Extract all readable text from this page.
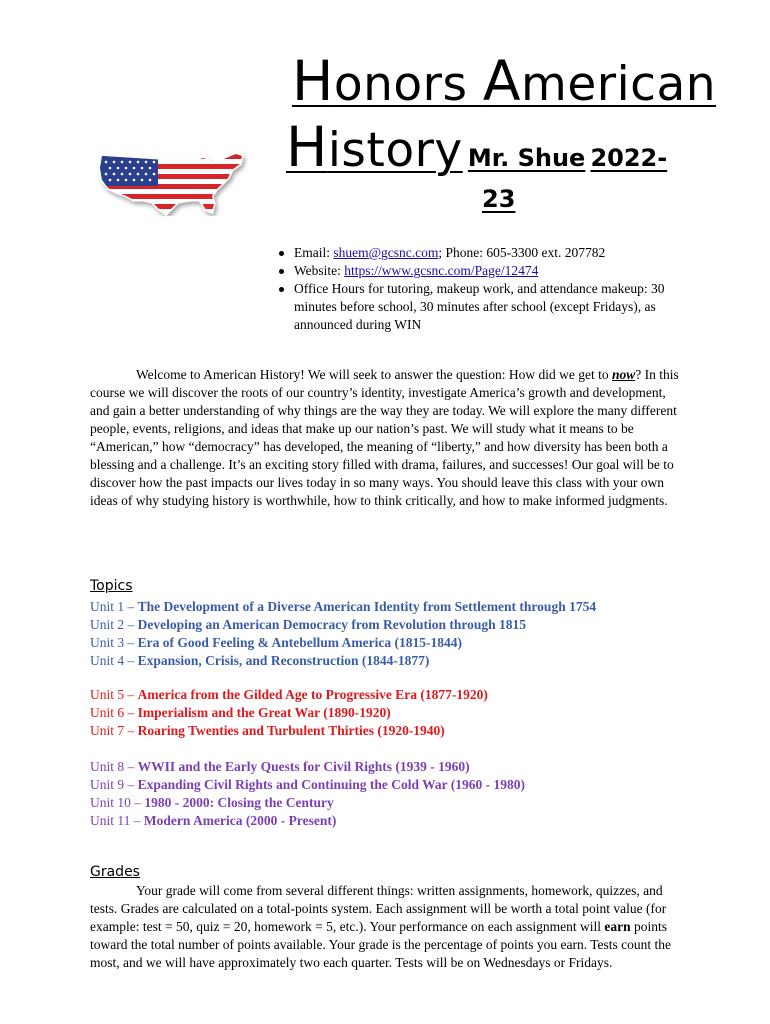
Honors American
History Mr. Shue 2022-
23
Email: shuem@gcsnc.com; Phone: 605-3300 ext. 207782
Website: https://www.gcsnc.com/Page/12474
Office Hours for tutoring, makeup work, and attendance makeup: 30 minutes before school, 30 minutes after school (except Fridays), as announced during WIN

Welcome to American History! We will seek to answer the question: How did we get to now? In this course we will discover the roots of our country’s identity, investigate America’s growth and development, and gain a better understanding of why things are the way they are today. We will explore the many different people, events, religions, and ideas that make up our nation’s past. We will study what it means to be “American,” how “democracy” has developed, the meaning of “liberty,” and how diversity has been both a blessing and a challenge. It’s an exciting story filled with drama, failures, and successes! Our goal will be to discover how the past impacts our lives today in so many ways. You should leave this class with your own ideas of why studying history is worthwhile, how to think critically, and how to make informed judgments.

Topics
Unit 1 – The Development of a Diverse American Identity from Settlement through 1754
Unit 2 – Developing an American Democracy from Revolution through 1815
Unit 3 – Era of Good Feeling & Antebellum America (1815-1844)
Unit 4 – Expansion, Crisis, and Reconstruction (1844-1877)
Unit 5 – America from the Gilded Age to Progressive Era (1877-1920)
Unit 6 – Imperialism and the Great War (1890-1920)
Unit 7 – Roaring Twenties and Turbulent Thirties (1920-1940)
Unit 8 – WWII and the Early Quests for Civil Rights (1939 - 1960)
Unit 9 – Expanding Civil Rights and Continuing the Cold War (1960 - 1980)
Unit 10 – 1980 - 2000: Closing the Century
Unit 11 – Modern America (2000 - Present)
Grades

Your grade will come from several different things: written assignments, homework, quizzes, and tests. Grades are calculated on a total-points system. Each assignment will be worth a total point value (for example: test = 50, quiz = 20, homework = 5, etc.). Your performance on each assignment will earn points toward the total number of points available. Your grade is the percentage of points you earn. Tests count the most, and we will have approximately two each quarter. Tests will be on Wednesdays or Fridays.
